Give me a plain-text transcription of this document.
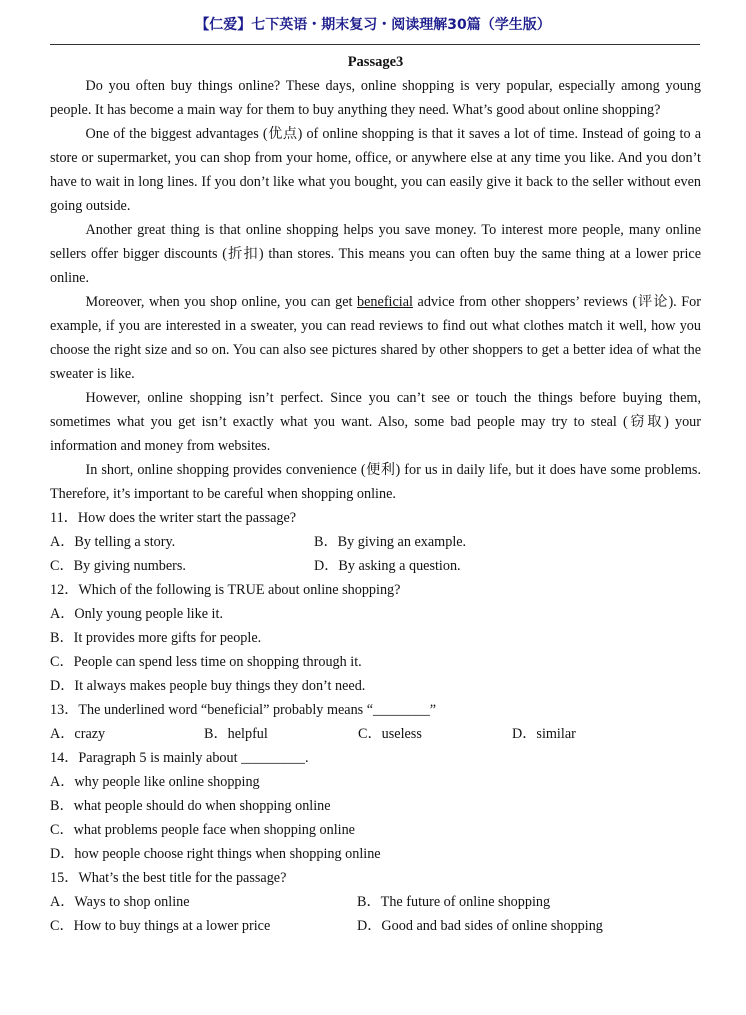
【仁爱】七下英语・期末复习・阅读理解30篇（学生版）
Passage3

Do you often buy things online? These days, online shopping is very popular, especially among young people. It has become a main way for them to buy anything they need. What’s good about online shopping?

One of the biggest advantages (优点) of online shopping is that it saves a lot of time. Instead of going to a store or supermarket, you can shop from your home, office, or anywhere else at any time you like. And you don’t have to wait in long lines. If you don’t like what you bought, you can easily give it back to the seller without even going outside.

Another great thing is that online shopping helps you save money. To interest more people, many online sellers offer bigger discounts (折扣) than stores. This means you can often buy the same thing at a lower price online.

Moreover, when you shop online, you can get beneficial advice from other shoppers’ reviews (评论). For example, if you are interested in a sweater, you can read reviews to find out what clothes match it well, how you choose the right size and so on. You can also see pictures shared by other shoppers to get a better idea of what the sweater is like.

However, online shopping isn’t perfect. Since you can’t see or touch the things before buying them, sometimes what you get isn’t exactly what you want. Also, some bad people may try to steal (窃取) your information and money from websites.

In short, online shopping provides convenience (便利) for us in daily life, but it does have some problems. Therefore, it’s important to be careful when shopping online.

11．How does the writer start the passage?

A．By telling a story.	B．By giving an example.
C．By giving numbers.	D．By asking a question.

12．Which of the following is TRUE about online shopping?

A．Only young people like it.

B．It provides more gifts for people.

C．People can spend less time on shopping through it.

D．It always makes people buy things they don’t need.

13．The underlined word “beneficial” probably means “________”

A．crazy	B．helpful	C．useless	D．similar

14．Paragraph 5 is mainly about _________.

A．why people like online shopping

B．what people should do when shopping online

C．what problems people face when shopping online

D．how people choose right things when shopping online

15．What’s the best title for the passage?

A．Ways to shop online	B．The future of online shopping
C．How to buy things at a lower price	D．Good and bad sides of online shopping
